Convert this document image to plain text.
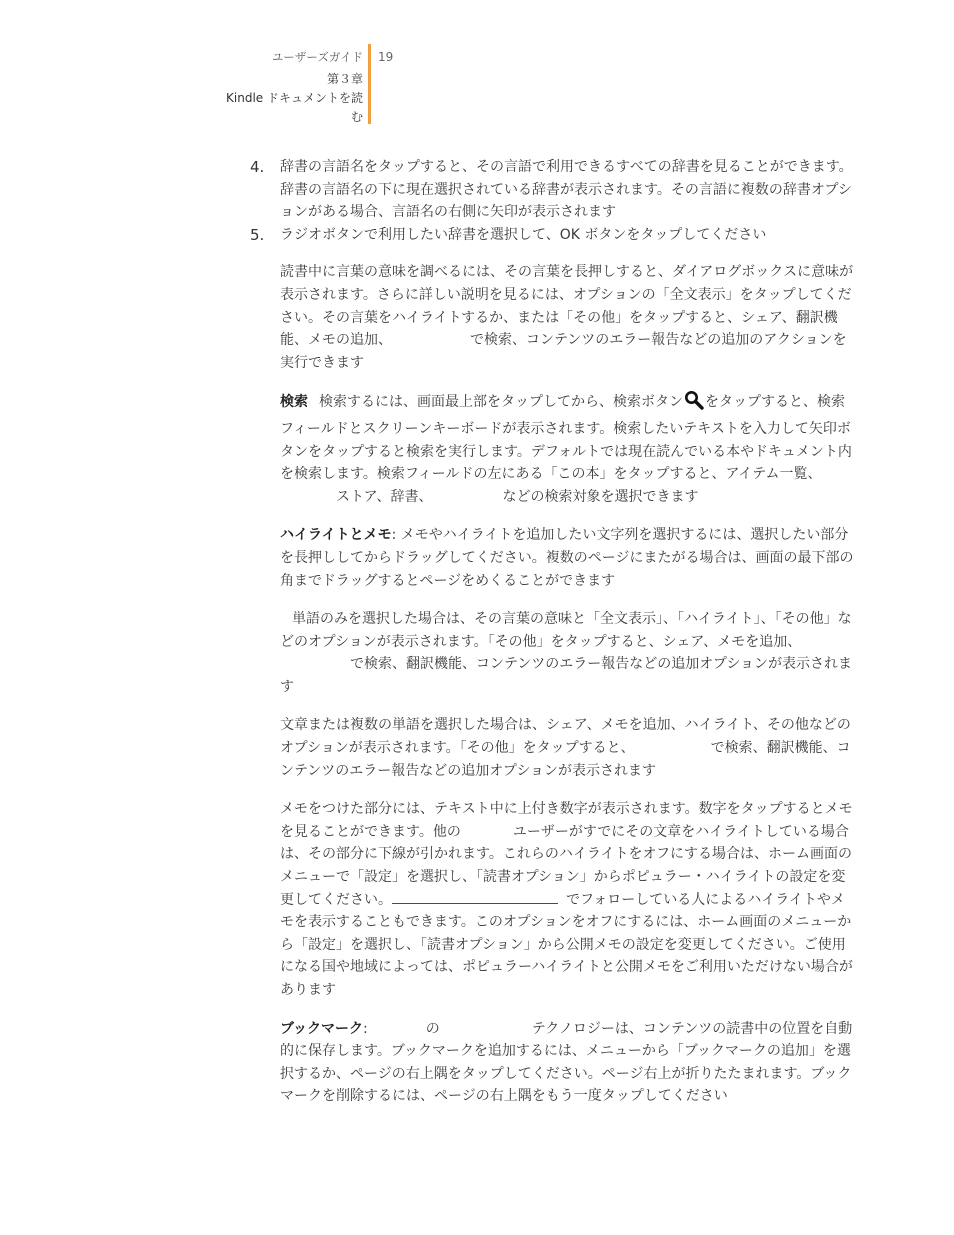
ユーザーズガイド
第３章
Kindle ドキュメントを読
む
19
4. 辞書の言語名をタップすると、その言語で利用できるすべての辞書を見ることができます。辞書の言語名の下に現在選択されている辞書が表示されます。その言語に複数の辞書オプションがある場合、言語名の右側に矢印が表示されます

5. ラジオボタンで利用したい辞書を選択して、OK ボタンをタップしてください

読書中に言葉の意味を調べるには、その言葉を長押しすると、ダイアログボックスに意味が表示されます。さらに詳しい説明を見るには、オプションの「全文表示」をタップしてください。その言葉をハイライトするか、または「その他」をタップすると、シェア、翻訳機能、メモの追加、	で検索、コンテンツのエラー報告などの追加のアクションを実行できます

検索 検索するには、画面最上部をタップしてから、検索ボタン をタップすると、検索フィールドとスクリーンキーボードが表示されます。検索したいテキストを入力して矢印ボタンをタップすると検索を実行します。デフォルトでは現在読んでいる本やドキュメント内を検索します。検索フィールドの左にある「この本」をタップすると、アイテム一覧、ストア、辞書、	などの検索対象を選択できます

ハイライトとメモ: メモやハイライトを追加したい文字列を選択するには、選択したい部分を長押ししてからドラッグしてください。複数のページにまたがる場合は、画面の最下部の角までドラッグするとページをめくることができます

単語のみを選択した場合は、その言葉の意味と「全文表示」、「ハイライト」、「その他」などのオプションが表示されます。「その他」をタップすると、シェア、メモを追加、で検索、翻訳機能、コンテンツのエラー報告などの追加オプションが表示されます

文章または複数の単語を選択した場合は、シェア、メモを追加、ハイライト、その他などのオプションが表示されます。「その他」をタップすると、	で検索、翻訳機能、コンテンツのエラー報告などの追加オプションが表示されます

メモをつけた部分には、テキスト中に上付き数字が表示されます。数字をタップするとメモを見ることができます。他の	ユーザーがすでにその文章をハイライトしている場合は、その部分に下線が引かれます。これらのハイライトをオフにする場合は、ホーム画面のメニューで「設定」を選択し、「読書オプション」からポピュラー・ハイライトの設定を変更してください。	でフォローしている人によるハイライトやメモを表示することもできます。このオプションをオフにするには、ホーム画面のメニューから「設定」を選択し、「読書オプション」から公開メモの設定を変更してください。ご使用になる国や地域によっては、ポピュラーハイライトと公開メモをご利用いただけない場合があります

ブックマーク:	の	テクノロジーは、コンテンツの読書中の位置を自動的に保存します。ブックマークを追加するには、メニューから「ブックマークの追加」を選択するか、ページの右上隅をタップしてください。ページ右上が折りたたまれます。ブックマークを削除するには、ページの右上隅をもう一度タップしてください
